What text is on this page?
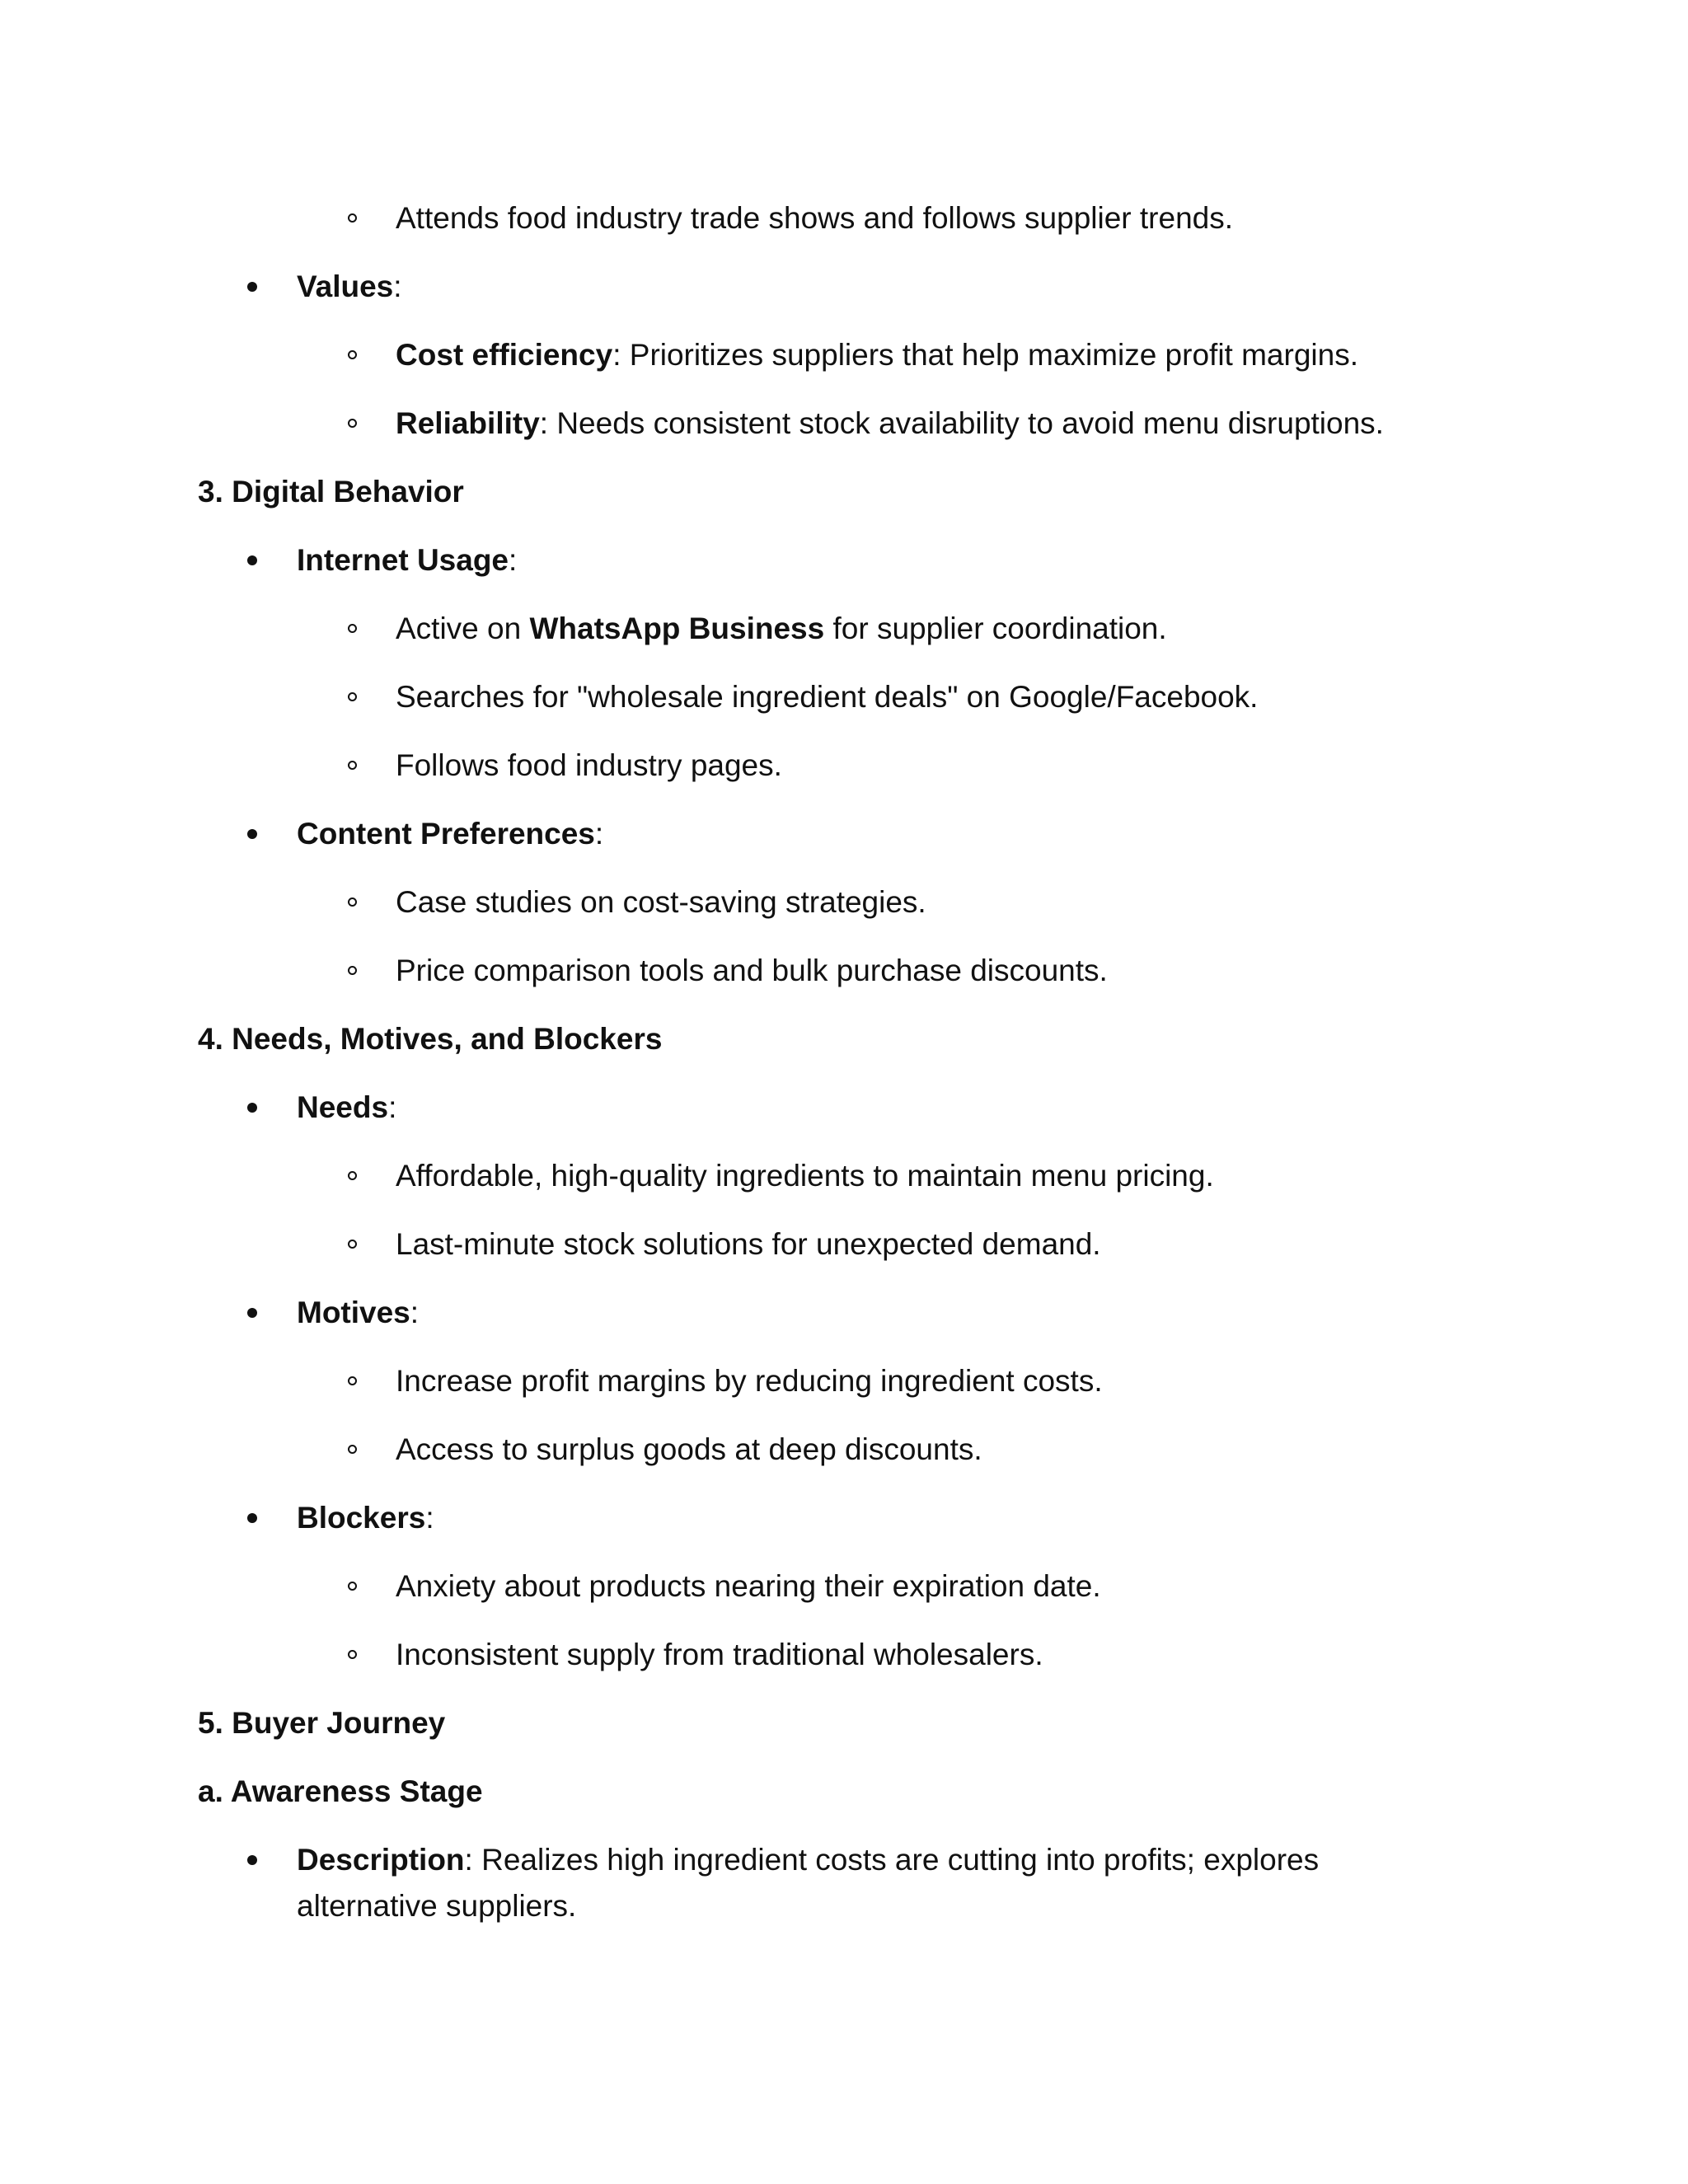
Attends food industry trade shows and follows supplier trends.
Values:
Cost efficiency: Prioritizes suppliers that help maximize profit margins.
Reliability: Needs consistent stock availability to avoid menu disruptions.
3. Digital Behavior
Internet Usage:
Active on WhatsApp Business for supplier coordination.
Searches for "wholesale ingredient deals" on Google/Facebook.
Follows food industry pages.
Content Preferences:
Case studies on cost-saving strategies.
Price comparison tools and bulk purchase discounts.
4. Needs, Motives, and Blockers
Needs:
Affordable, high-quality ingredients to maintain menu pricing.
Last-minute stock solutions for unexpected demand.
Motives:
Increase profit margins by reducing ingredient costs.
Access to surplus goods at deep discounts.
Blockers:
Anxiety about products nearing their expiration date.
Inconsistent supply from traditional wholesalers.
5. Buyer Journey
a. Awareness Stage
Description: Realizes high ingredient costs are cutting into profits; explores alternative suppliers.
